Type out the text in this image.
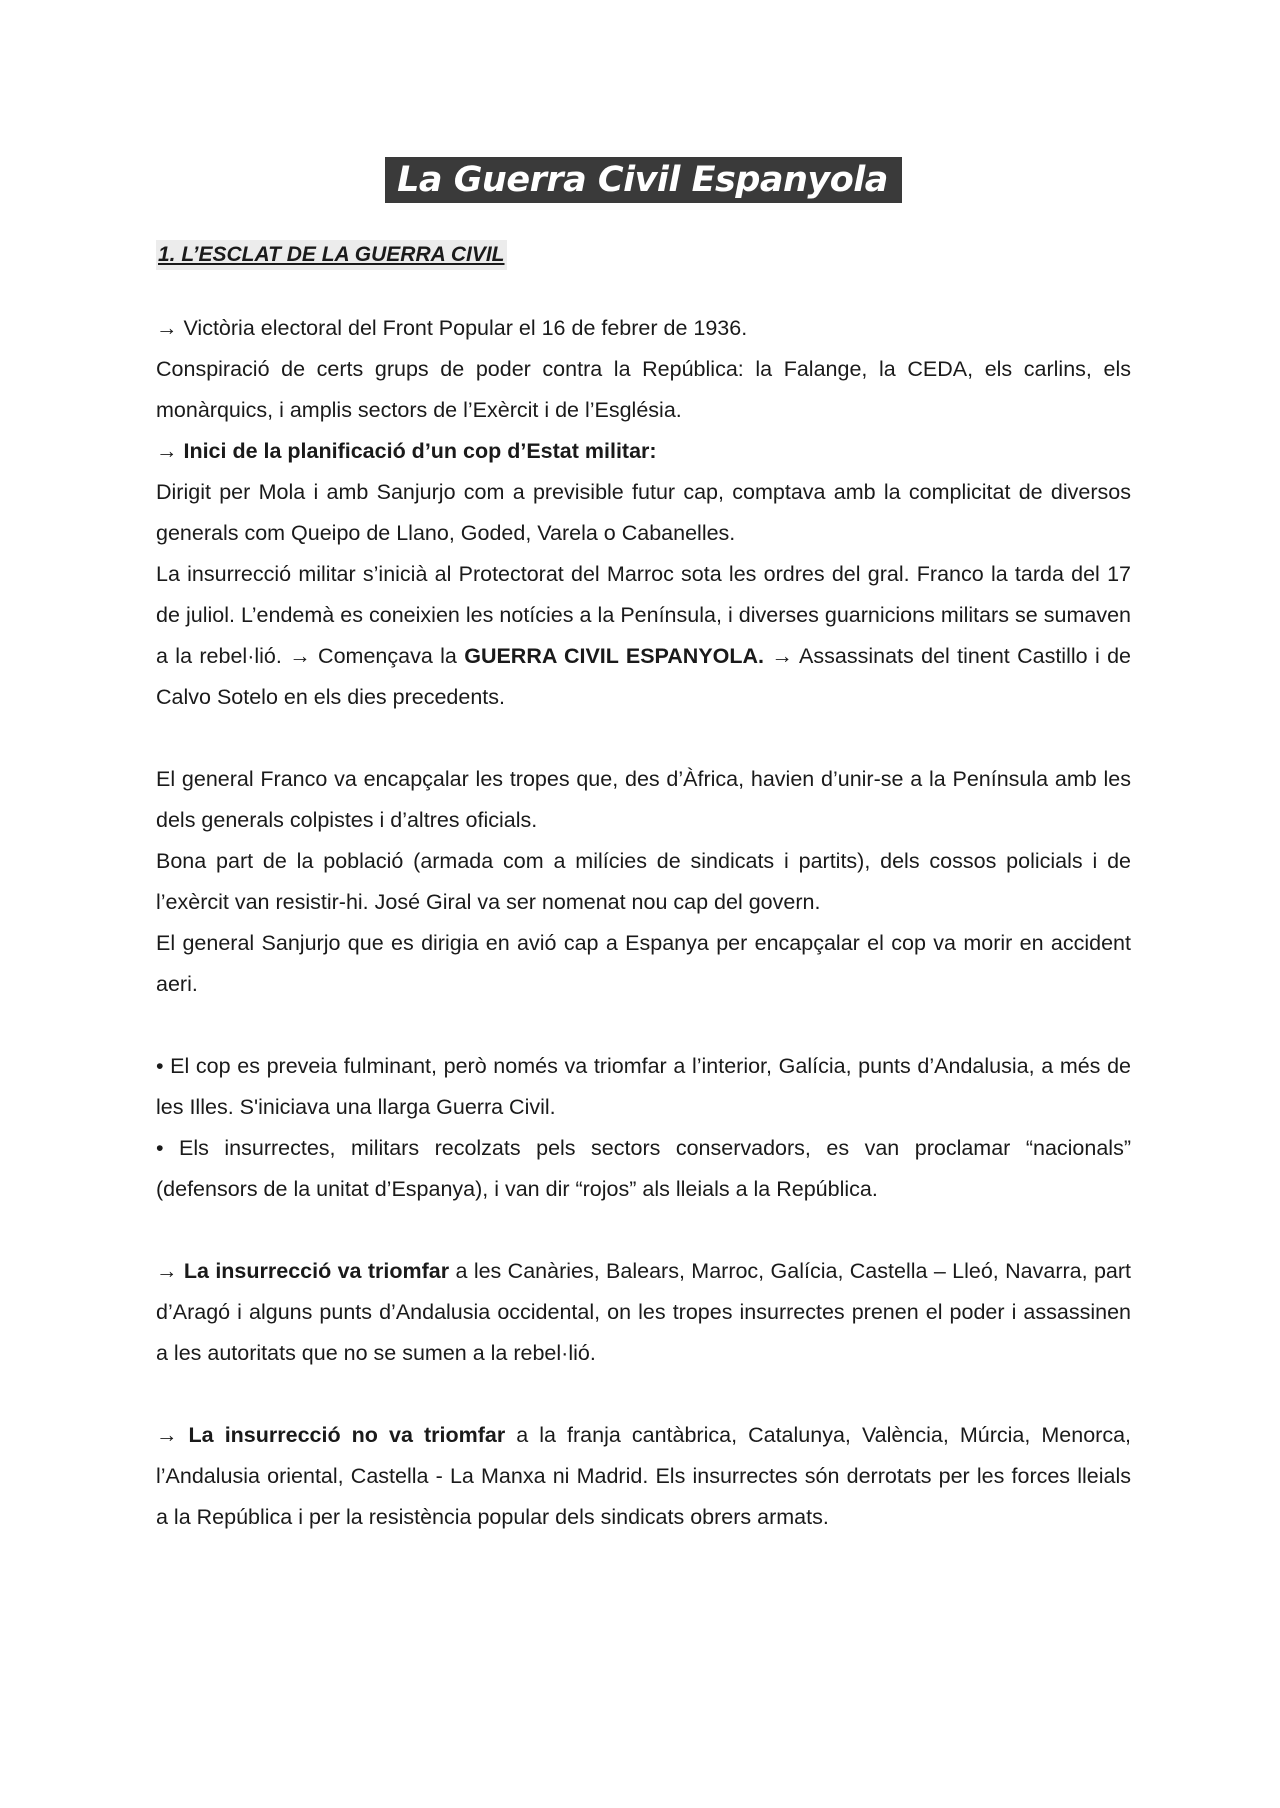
La Guerra Civil Espanyola
1. L’ESCLAT DE LA GUERRA CIVIL

→ Victòria electoral del Front Popular el 16 de febrer de 1936.

Conspiració de certs grups de poder contra la República: la Falange, la CEDA, els carlins, els monàrquics, i amplis sectors de l’Exèrcit i de l’Església.

→ Inici de la planificació d’un cop d’Estat militar:

Dirigit per Mola i amb Sanjurjo com a previsible futur cap, comptava amb la complicitat de diversos generals com Queipo de Llano, Goded, Varela o Cabanelles.

La insurrecció militar s’inicià al Protectorat del Marroc sota les ordres del gral. Franco la tarda del 17 de juliol. L’endemà es coneixien les notícies a la Península, i diverses guarnicions militars se sumaven a la rebel·lió. → Començava la GUERRA CIVIL ESPANYOLA. → Assassinats del tinent Castillo i de Calvo Sotelo en els dies precedents.

El general Franco va encapçalar les tropes que, des d’Àfrica, havien d’unir-se a la Península amb les dels generals colpistes i d’altres oficials.

Bona part de la població (armada com a milícies de sindicats i partits), dels cossos policials i de l’exèrcit van resistir-hi. José Giral va ser nomenat nou cap del govern.

El general Sanjurjo que es dirigia en avió cap a Espanya per encapçalar el cop va morir en accident aeri.

• El cop es preveia fulminant, però només va triomfar a l’interior, Galícia, punts d’Andalusia, a més de les Illes. S'iniciava una llarga Guerra Civil.

• Els insurrectes, militars recolzats pels sectors conservadors, es van proclamar “nacionals” (defensors de la unitat d’Espanya), i van dir “rojos” als lleials a la República.

→ La insurrecció va triomfar a les Canàries, Balears, Marroc, Galícia, Castella – Lleó, Navarra, part d’Aragó i alguns punts d’Andalusia occidental, on les tropes insurrectes prenen el poder i assassinen a les autoritats que no se sumen a la rebel·lió.

→ La insurrecció no va triomfar a la franja cantàbrica, Catalunya, València, Múrcia, Menorca, l’Andalusia oriental, Castella - La Manxa ni Madrid. Els insurrectes són derrotats per les forces lleials a la República i per la resistència popular dels sindicats obrers armats.
